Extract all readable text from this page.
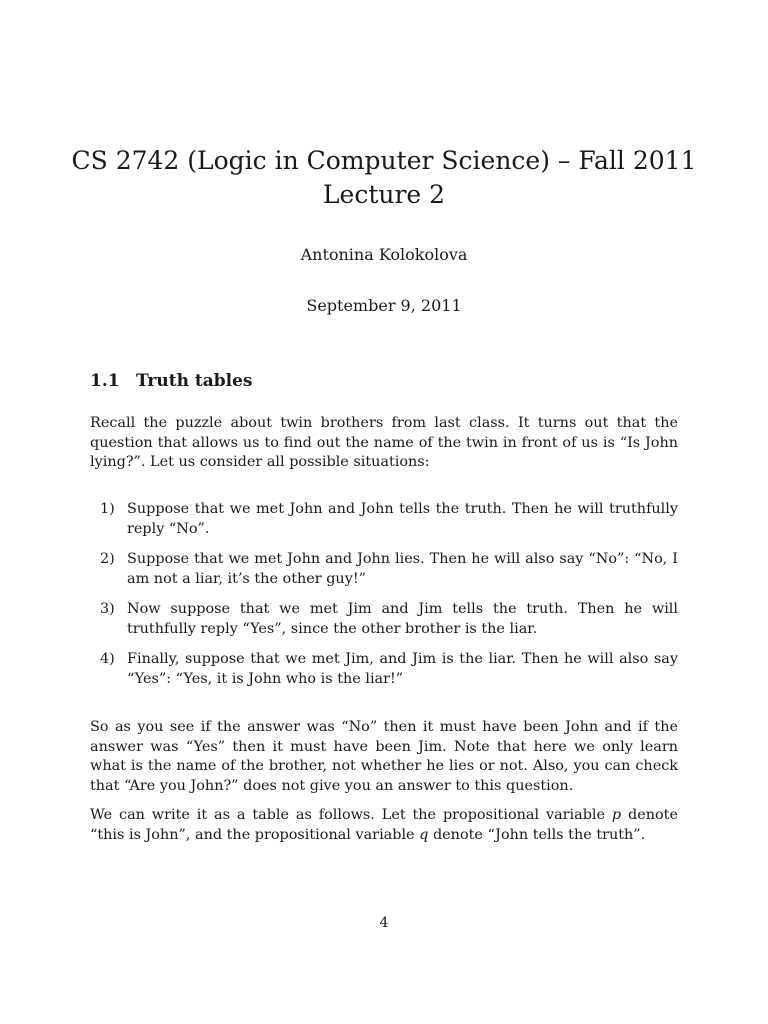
CS 2742 (Logic in Computer Science) – Fall 2011
Lecture 2
Antonina Kolokolova
September 9, 2011
1.1 Truth tables
Recall the puzzle about twin brothers from last class. It turns out that the question that allows us to find out the name of the twin in front of us is “Is John lying?”. Let us consider all possible situations:
1) Suppose that we met John and John tells the truth. Then he will truthfully reply “No”.
2) Suppose that we met John and John lies. Then he will also say “No”: “No, I am not a liar, it’s the other guy!”
3) Now suppose that we met Jim and Jim tells the truth. Then he will truthfully reply “Yes”, since the other brother is the liar.
4) Finally, suppose that we met Jim, and Jim is the liar. Then he will also say “Yes”: “Yes, it is John who is the liar!”
So as you see if the answer was “No” then it must have been John and if the answer was “Yes” then it must have been Jim. Note that here we only learn what is the name of the brother, not whether he lies or not. Also, you can check that “Are you John?” does not give you an answer to this question.
We can write it as a table as follows. Let the propositional variable p denote “this is John”, and the propositional variable q denote “John tells the truth”.
4
